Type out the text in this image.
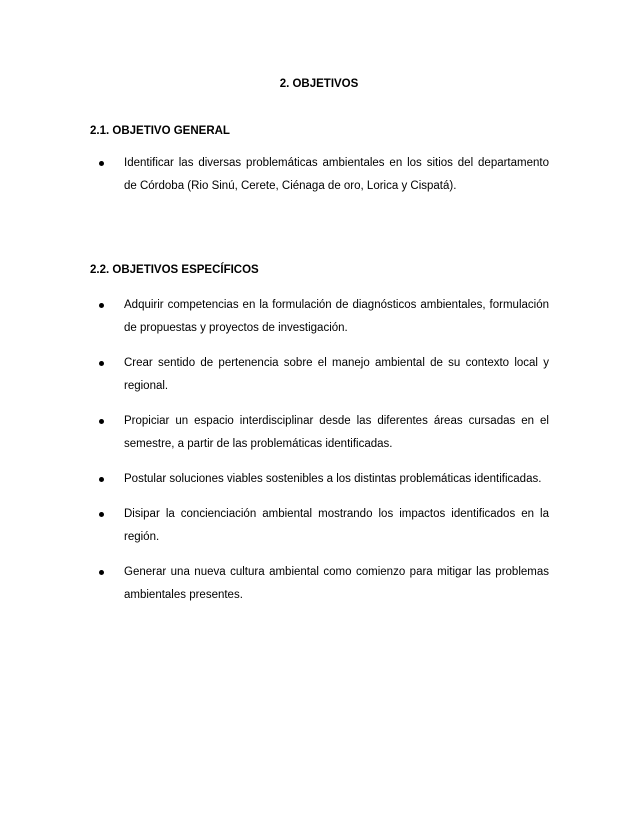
2. OBJETIVOS
2.1. OBJETIVO GENERAL
Identificar las diversas problemáticas ambientales en los sitios del departamento de Córdoba (Rio Sinú, Cerete, Ciénaga de oro, Lorica y Cispatá).
2.2. OBJETIVOS ESPECÍFICOS
Adquirir competencias en la formulación de diagnósticos ambientales, formulación de propuestas y proyectos de investigación.
Crear sentido de pertenencia sobre el manejo ambiental de su contexto local y regional.
Propiciar un espacio interdisciplinar desde las diferentes áreas cursadas en el semestre, a partir de las problemáticas identificadas.
Postular soluciones viables sostenibles a los distintas problemáticas identificadas.
Disipar la concienciación ambiental mostrando los impactos identificados en la región.
Generar una nueva cultura ambiental como comienzo para mitigar las problemas ambientales presentes.
